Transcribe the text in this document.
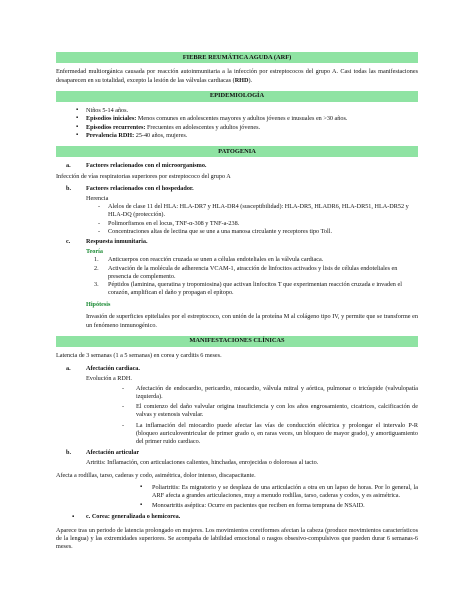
FIEBRE REUMÁTICA AGUDA (ARF)

Enfermedad multiorgánica causada por reacción autoinmunitaria a la infección por estreptococos del grupo A. Casi todas las manifestaciones desaparecen en su totalidad, excepto la lesión de las válvulas cardiacas (RHD).

EPIDEMIOLOGÍA
▪ Niños 5-14 años.
▪ Episodios iniciales: Menos comunes en adolescentes mayores y adultos jóvenes e inusuales en >30 años.
▪ Episodios recurrentes: Frecuentes en adolescentes y adultos jóvenes.
▪ Prevalencia RDH: 25-40 años, mujeres.
PATOGENIA
a. Factores relacionados con el microorganismo.

Infección de vías respiratorias superiores por estreptococo del grupo A

b. Factores relacionados con el hospedador.
Herencia
- Alelos de clase 11 del HLA: HLA-DR7 y HLA-DR4 (susceptibilidad): HLA-DR5, HLADR6, HLA-DR51, HLA-DR52 y HLA-DQ (protección).
- Polimorfismos en el locus, TNF-α-308 y TNF-a-238.
- Concentraciones altas de lectina que se une a una manosa circulante y receptores tipo Toll.
c.	Respuesta inmunitaria.
Teoría
1. Anticuerpos con reacción cruzada se unen a células endoteliales en la válvula cardiaca.
2. Activación de la molécula de adherencia VCAM-1, atracción de linfocitos activados y lisis de células endoteliales en presencia de complemento.
3. Péptidos (laminina, queratina y tropomiosina) que activan linfocitos T que experimentan reacción cruzada e invaden el corazón, amplifican el daño y propagan el epítopo.
Hipótesis

Invasión de superficies epiteliales por el estreptococo, con unión de la proteína M al colágeno tipo IV, y permite que se transforme en un fenómeno inmunogénico.

MANIFESTACIONES CLÍNICAS

Latencia de 3 semanas (1 a 5 semanas) en corea y carditis 6 meses.

a. Afectación cardiaca.
Evolución a RDH.
- Afectación de endocardio, pericardio, miocardio, válvula mitral y aórtica, pulmonar o tricúspide (valvulopatía izquierda).
- El comienzo del daño valvular origina insuficiencia y con los años engrosamiento, cicatrices, calcificación de valvas y estenosis valvular.
- La inflamación del miocardio puede afectar las vías de conducción eléctrica y prolongar el intervalo P-R (bloqueo auriculoventricular de primer grado o, en raras veces, un bloqueo de mayor grado), y amortiguamiento del primer ruido cardiaco.
b. Afectación articular

Artritis: Inflamación, con articulaciones calientes, hinchadas, enrojecidas o dolorosas al tacto.

Afecta a rodillas, tarso, caderas y codo, asimétrica, dolor intenso, discapacitante.

▪ Poliartritis: Es migratorio y se desplaza de una articulación a otra en un lapso de horas. Por lo general, la ARF afecta a grandes articulaciones, muy a menudo rodillas, tarso, caderas y codos, y es asimétrica.
▪ Monoartritis aséptica: Ocurre en pacientes que reciben en forma temprana de NSAID.
▪ c. Corea: generalizada o hemicorea.

Aparece tras un periodo de latencia prolongado en mujeres. Los movimientos coreiformes afectan la cabeza (produce movimientos característicos de la lengua) y las extremidades superiores. Se acompaña de labilidad emocional o rasgos obsesivo-compulsivos que pueden durar 6 semanas-6 meses.
